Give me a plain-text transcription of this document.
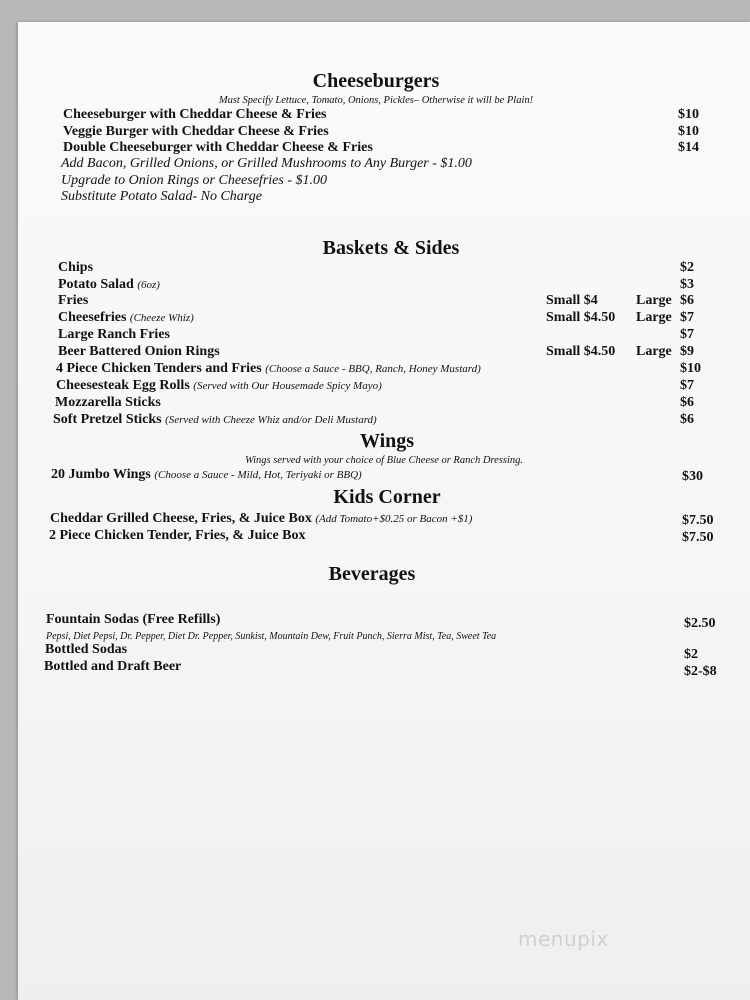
Cheeseburgers
Must Specify Lettuce, Tomato, Onions, Pickles– Otherwise it will be Plain!
Cheeseburger with Cheddar Cheese & Fries	$10
Veggie Burger with Cheddar Cheese & Fries	$10
Double Cheeseburger with Cheddar Cheese & Fries	$14
Add Bacon, Grilled Onions, or Grilled Mushrooms to Any Burger - $1.00
Upgrade to Onion Rings or Cheesefries - $1.00
Substitute Potato Salad- No Charge
Baskets & Sides
Chips	$2
Potato Salad (6oz)	$3
Fries	Small $4	Large $6
Cheesefries (Cheeze Whiz)	Small $4.50 Large $7
Large Ranch Fries	$7
Beer Battered Onion Rings	Small $4.50 Large $9
4 Piece Chicken Tenders and Fries (Choose a Sauce - BBQ, Ranch, Honey Mustard)	$10
Cheesesteak Egg Rolls (Served with Our Housemade Spicy Mayo)	$7
Mozzarella Sticks	$6
Soft Pretzel Sticks (Served with Cheeze Whiz and/or Deli Mustard)	$6
Wings
Wings served with your choice of Blue Cheese or Ranch Dressing.
20 Jumbo Wings (Choose a Sauce - Mild, Hot, Teriyaki or BBQ)	$30
Kids Corner
Cheddar Grilled Cheese, Fries, & Juice Box (Add Tomato+$0.25 or Bacon +$1)	$7.50
2 Piece Chicken Tender, Fries, & Juice Box	$7.50
Beverages
Fountain Sodas (Free Refills)	$2.50
Pepsi, Diet Pepsi, Dr. Pepper, Diet Dr. Pepper, Sunkist, Mountain Dew, Fruit Punch, Sierra Mist, Tea, Sweet Tea
Bottled Sodas	$2
Bottled and Draft Beer	$2-$8
menupix
